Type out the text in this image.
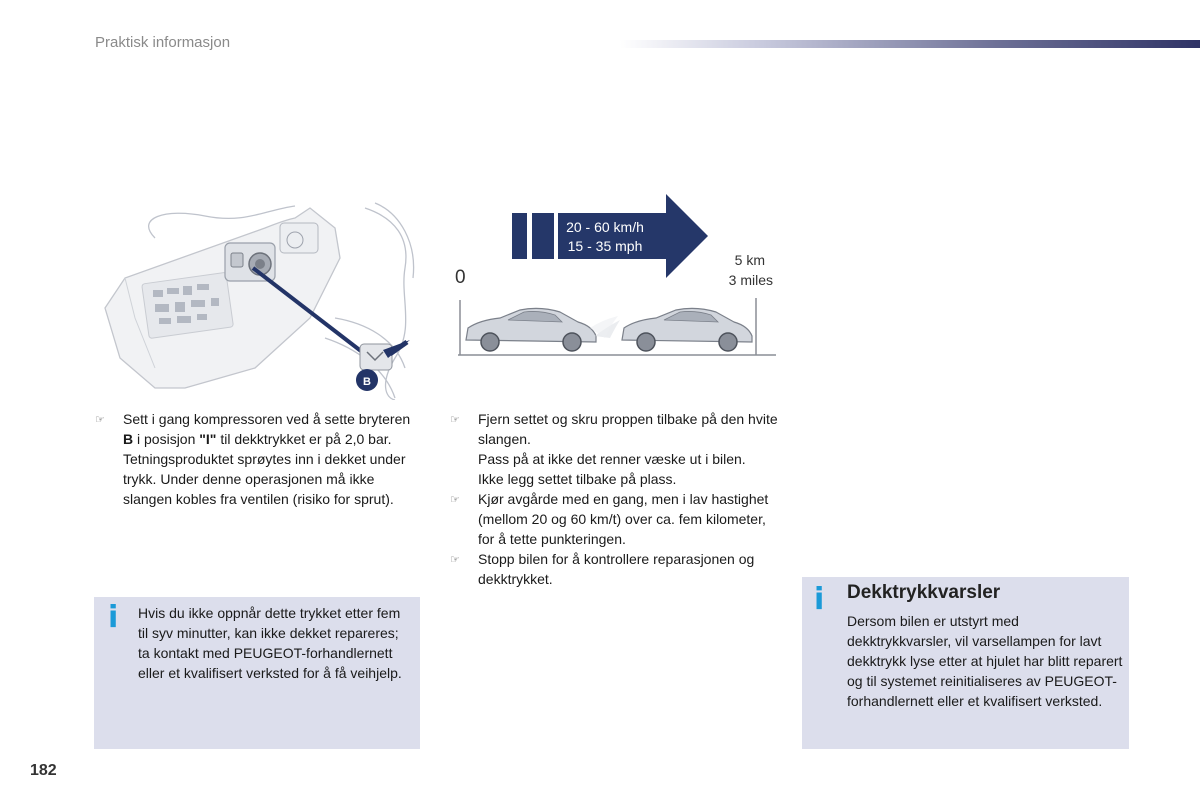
Praktisk informasjon
B
20 - 60 km/h
15 - 35 mph
0
5 km
3 miles
☞	Sett i gang kompressoren ved å sette bryteren B i posisjon "I" til dekktrykket er på 2,0 bar.
Tetningsproduktet sprøytes inn i dekket under trykk. Under denne operasjonen må ikke slangen kobles fra ventilen (risiko for sprut).
☞	Fjern settet og skru proppen tilbake på den hvite slangen.
Pass på at ikke det renner væske ut i bilen.
Ikke legg settet tilbake på plass.
☞	Kjør avgårde med en gang, men i lav hastighet (mellom 20 og 60 km/t) over ca. fem kilometer, for å tette punkteringen.
☞	Stopp bilen for å kontrollere reparasjonen og dekktrykket.
i Hvis du ikke oppnår dette trykket etter fem til syv minutter, kan ikke dekket repareres; ta kontakt med PEUGEOT-forhandlernett eller et kvalifisert verksted for å få veihjelp.
i Dekktrykkvarsler
Dersom bilen er utstyrt med dekktrykkvarsler, vil varsellampen for lavt dekktrykk lyse etter at hjulet har blitt reparert og til systemet reinitialiseres av PEUGEOT-forhandlernett eller et kvalifisert verksted.
182
